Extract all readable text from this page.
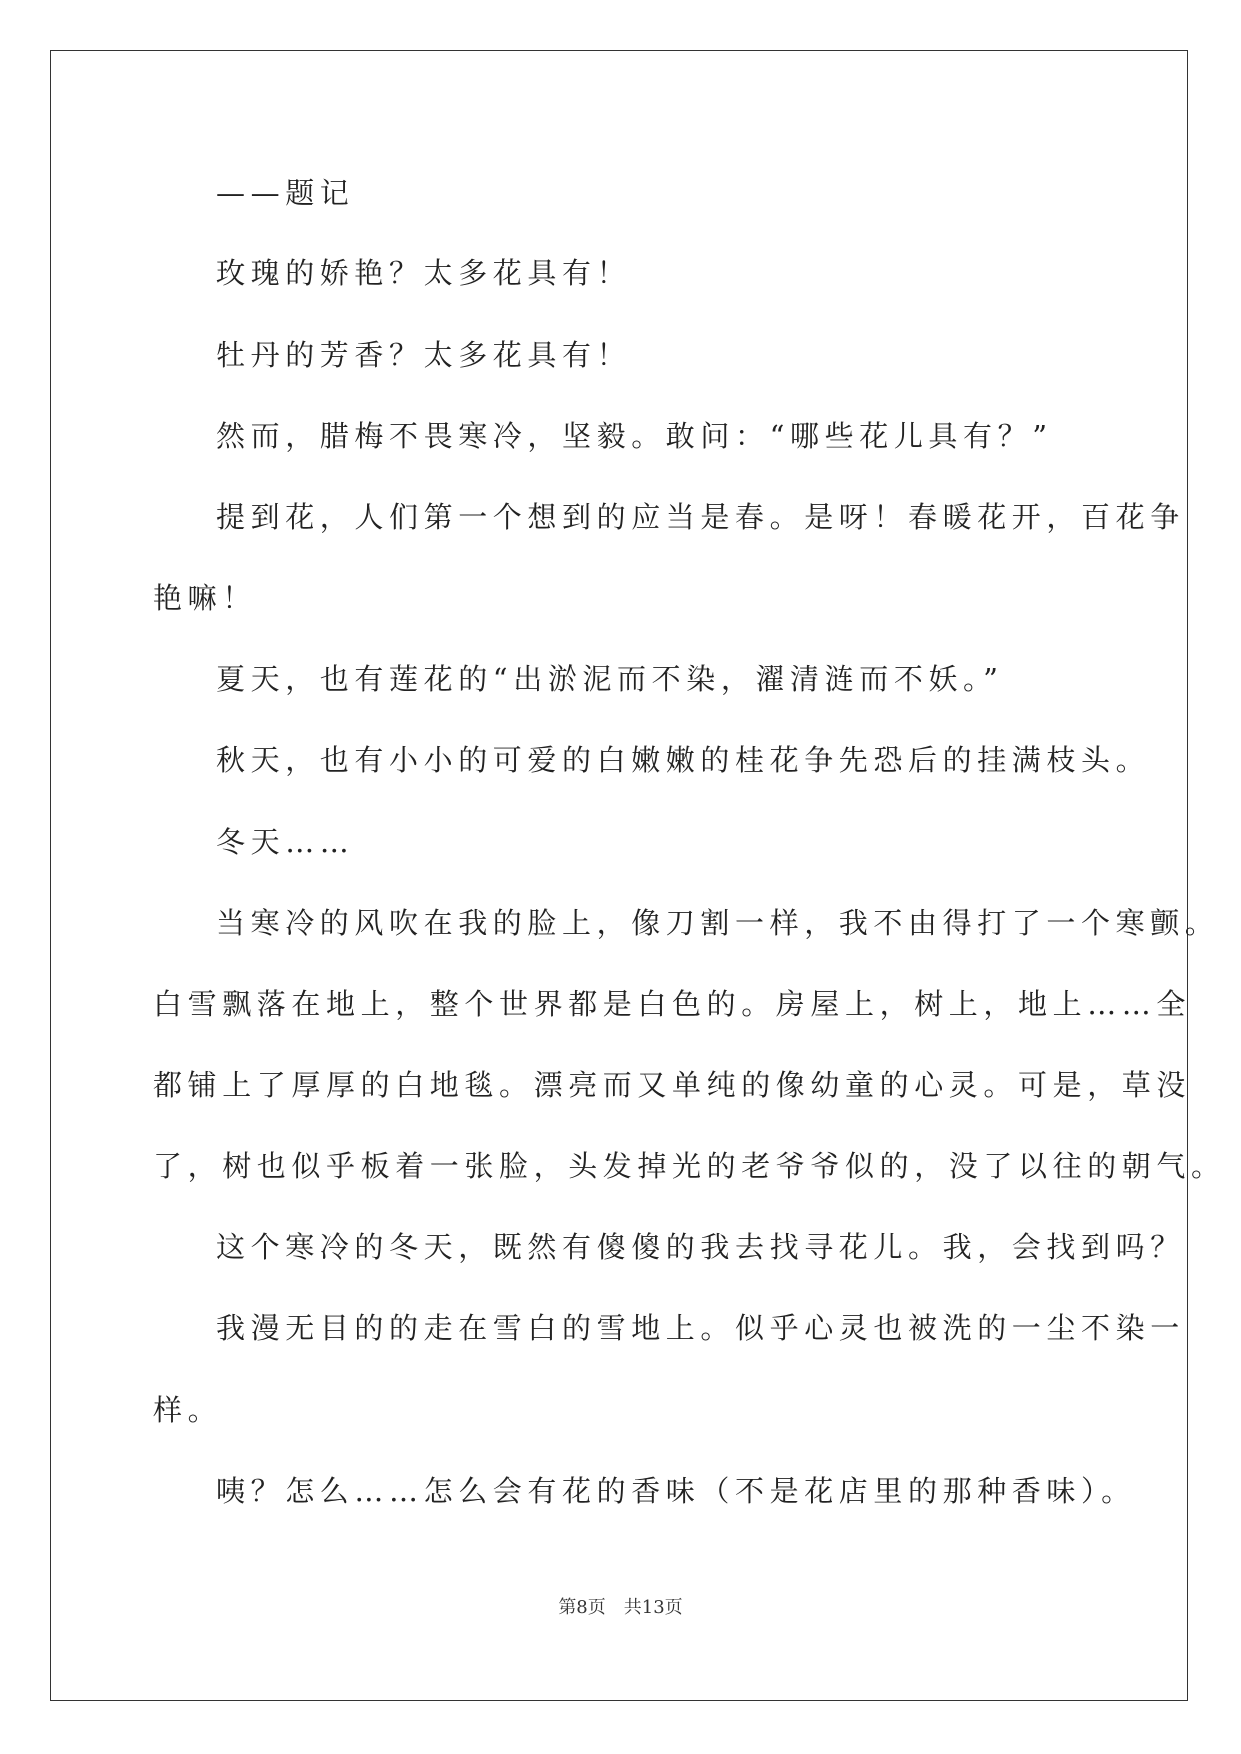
——题记

玫瑰的娇艳？太多花具有！

牡丹的芳香？太多花具有！

然而，腊梅不畏寒冷，坚毅。敢问：“哪些花儿具有？”

提到花，人们第一个想到的应当是春。是呀！春暖花开，百花争

艳嘛！

夏天，也有莲花的“出淤泥而不染，濯清涟而不妖。”

秋天，也有小小的可爱的白嫩嫩的桂花争先恐后的挂满枝头。

冬天……

当寒冷的风吹在我的脸上，像刀割一样，我不由得打了一个寒颤。

白雪飘落在地上，整个世界都是白色的。房屋上，树上，地上……全

都铺上了厚厚的白地毯。漂亮而又单纯的像幼童的心灵。可是，草没

了，树也似乎板着一张脸，头发掉光的老爷爷似的，没了以往的朝气。

这个寒冷的冬天，既然有傻傻的我去找寻花儿。我，会找到吗？

我漫无目的的走在雪白的雪地上。似乎心灵也被洗的一尘不染一

样。

咦？怎么……怎么会有花的香味（不是花店里的那种香味）。

第8页 共13页
